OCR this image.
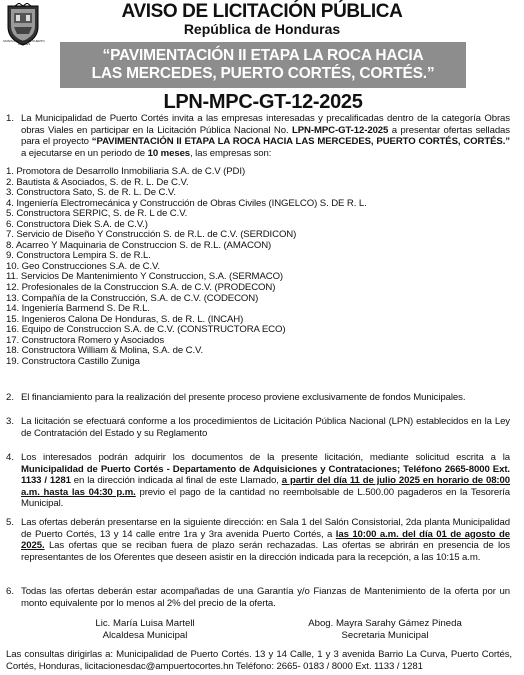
MUNICIPALIDAD DE PUERTO CORTÉS
AVISO DE LICITACIÓN PÚBLICA
República de Honduras
“PAVIMENTACIÓN II ETAPA LA ROCA HACIA
LAS MERCEDES, PUERTO CORTÉS, CORTÉS.”
LPN-MPC-GT-12-2025
1. La Municipalidad de Puerto Cortés invita a las empresas interesadas y precalificadas dentro de la categoría Obras obras Viales en participar en la Licitación Pública Nacional No. LPN-MPC-GT-12-2025 a presentar ofertas selladas para el proyecto “PAVIMENTACIÓN II ETAPA LA ROCA HACIA LAS MERCEDES, PUERTO CORTÉS, CORTÉS.” a ejecutarse en un periodo de 10 meses, las empresas son:
1. Promotora de Desarrollo Inmobiliaria S.A. de C.V (PDI)
2. Bautista & Asociados, S. de R. L. De C.V.
3. Constructora Sato, S. de R. L. De C.V.
4. Ingeniería Electromecánica y Construcción de Obras Civiles (INGELCO) S. DE R. L.
5. Constructora SERPIC, S. de R. L de C.V.
6. Constructora Diek S.A. de C.V.)
7. Servicio de Diseño Y Construcción S. de R.L. de C.V. (SERDICON)
8. Acarreo Y Maquinaria de Construccion S. de R.L. (AMACON)
9. Constructora Lempira S. de R.L.
10. Geo Construcciones S.A. de C.V.
11. Servicios De Mantenimiento Y Construccion, S.A. (SERMACO)
12. Profesionales de la Construccion S.A. de C.V. (PRODECON)
13. Compañía de la Construcción, S.A. de C.V. (CODECON)
14. Ingeniería Barmend S. De R.L.
15. Ingenieros Calona De Honduras, S. de R. L. (INCAH)
16. Equipo de Construccion S.A. de C.V. (CONSTRUCTORA ECO)
17. Constructora Romero y Asociados
18. Constructora William & Molina, S.A. de C.V.
19. Constructora Castillo Zuniga
2. El financiamiento para la realización del presente proceso proviene exclusivamente de fondos Municipales.
3. La licitación se efectuará conforme a los procedimientos de Licitación Pública Nacional (LPN) establecidos en la Ley de Contratación del Estado y su Reglamento
4. Los interesados podrán adquirir los documentos de la presente licitación, mediante solicitud escrita a la Municipalidad de Puerto Cortés - Departamento de Adquisiciones y Contrataciones; Teléfono 2665-8000 Ext. 1133 / 1281 en la dirección indicada al final de este Llamado, a partir del día 11 de julio 2025 en horario de 08:00 a.m. hasta las 04:30 p.m. previo el pago de la cantidad no reembolsable de L.500.00 pagaderos en la Tesorería Municipal.
5. Las ofertas deberán presentarse en la siguiente dirección: en Sala 1 del Salón Consistorial, 2da planta Municipalidad de Puerto Cortés, 13 y 14 calle entre 1ra y 3ra avenida Puerto Cortés, a las 10:00 a.m. del día 01 de agosto de 2025. Las ofertas que se reciban fuera de plazo serán rechazadas. Las ofertas se abrirán en presencia de los representantes de los Oferentes que deseen asistir en la dirección indicada para la recepción, a las 10:15 a.m.
6. Todas las ofertas deberán estar acompañadas de una Garantía y/o Fianzas de Mantenimiento de la oferta por un monto equivalente por lo menos al 2% del precio de la oferta.
Lic. María Luisa Martell
Alcaldesa Municipal
Abog. Mayra Sarahy Gámez Pineda
Secretaria Municipal
Las consultas dirigirlas a: Municipalidad de Puerto Cortés. 13 y 14 Calle, 1 y 3 avenida Barrio La Curva, Puerto Cortés, Cortés, Honduras, licitacionesdac@ampuertocortes.hn Teléfono: 2665- 0183 / 8000 Ext. 1133 / 1281
